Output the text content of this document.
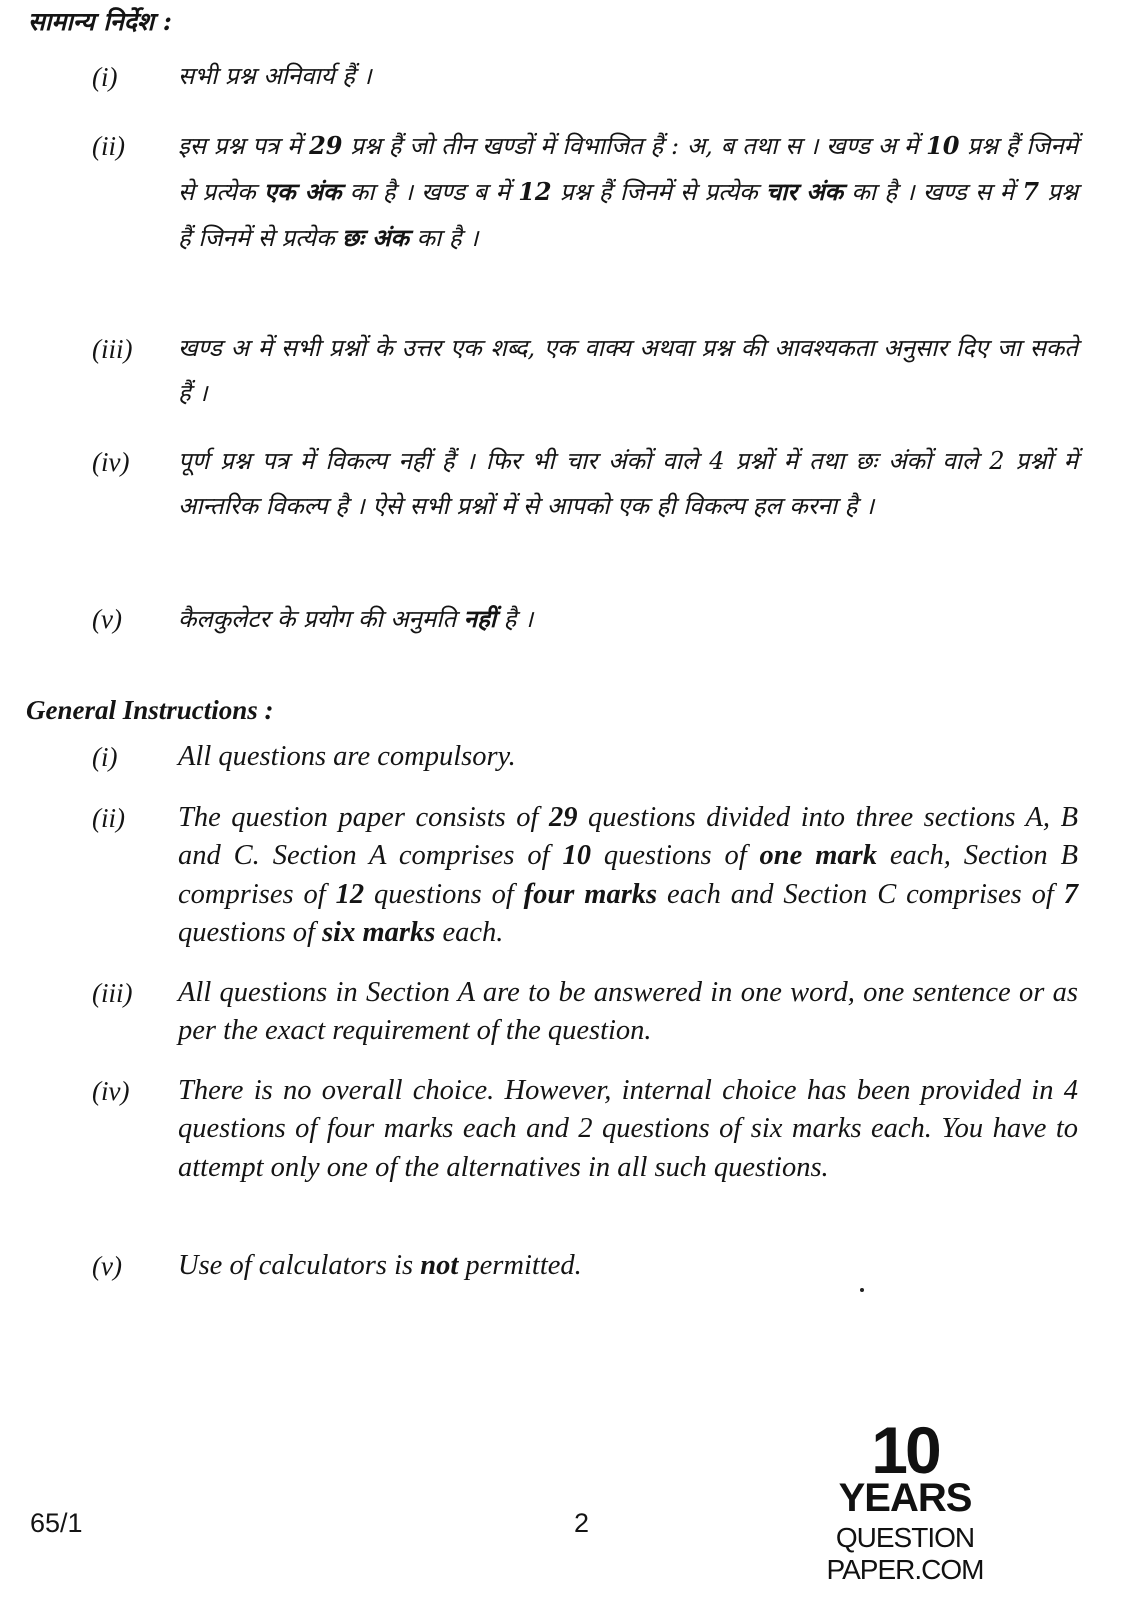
सामान्य निर्देश :
(i)	सभी प्रश्न अनिवार्य हैं ।
(ii) इस प्रश्न पत्र में 29 प्रश्न हैं जो तीन खण्डों में विभाजित हैं : अ, ब तथा स । खण्ड अ में 10 प्रश्न हैं जिनमें से प्रत्येक एक अंक का है । खण्ड ब में 12 प्रश्न हैं जिनमें से प्रत्येक चार अंक का है । खण्ड स में 7 प्रश्न हैं जिनमें से प्रत्येक छः अंक का है ।
(iii) खण्ड अ में सभी प्रश्नों के उत्तर एक शब्द, एक वाक्य अथवा प्रश्न की आवश्यकता अनुसार दिए जा सकते हैं ।
(iv) पूर्ण प्रश्न पत्र में विकल्प नहीं हैं । फिर भी चार अंकों वाले 4 प्रश्नों में तथा छः अंकों वाले 2 प्रश्नों में आन्तरिक विकल्प है । ऐसे सभी प्रश्नों में से आपको एक ही विकल्प हल करना है ।
(v) कैलकुलेटर के प्रयोग की अनुमति नहीं है ।
General Instructions :
(i) All questions are compulsory.
(ii) The question paper consists of 29 questions divided into three sections A, B and C. Section A comprises of 10 questions of one mark each, Section B comprises of 12 questions of four marks each and Section C comprises of 7 questions of six marks each.
(iii) All questions in Section A are to be answered in one word, one sentence or as per the exact requirement of the question.
(iv) There is no overall choice. However, internal choice has been provided in 4 questions of four marks each and 2 questions of six marks each. You have to attempt only one of the alternatives in all such questions.
(v) Use of calculators is not permitted.
65/1	2
10
YEARS
QUESTION PAPER.COM
